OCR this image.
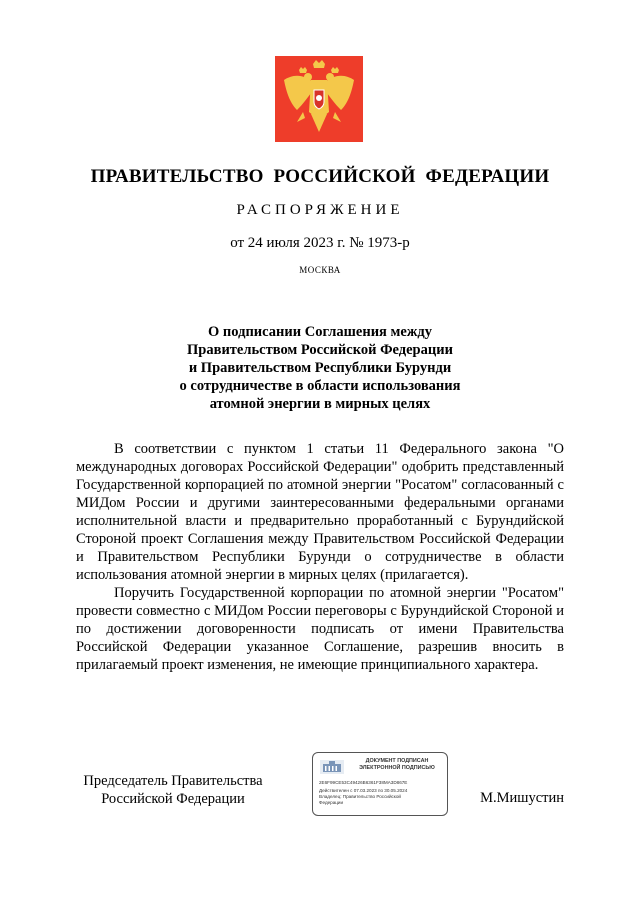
ПРАВИТЕЛЬСТВО РОССИЙСКОЙ ФЕДЕРАЦИИ
РАСПОРЯЖЕНИЕ
от 24 июля 2023 г. № 1973-р
МОСКВА
О подписании Соглашения между
Правительством Российской Федерации
и Правительством Республики Бурунди
о сотрудничестве в области использования
атомной энергии в мирных целях

В соответствии с пунктом 1 статьи 11 Федерального закона "О международных договорах Российской Федерации" одобрить представленный Государственной корпорацией по атомной энергии "Росатом" согласованный с МИДом России и другими заинтересованными федеральными органами исполнительной власти и предварительно проработанный с Бурундийской Стороной проект Соглашения между Правительством Российской Федерации и Правительством Республики Бурунди о сотрудничестве в области использования атомной энергии в мирных целях (прилагается).

Поручить Государственной корпорации по атомной энергии "Росатом" провести совместно с МИДом России переговоры с Бурундийской Стороной и по достижении договоренности подписать от имени Правительства Российской Федерации указанное Соглашение, разрешив вносить в прилагаемый проект изменения, не имеющие принципиального характера.

Председатель Правительства
Российской Федерации
ДОКУМЕНТ ПОДПИСАН
ЭЛЕКТРОННОЙ ПОДПИСЬЮ
2E6F99CE53C49426B6361F38MA3D867E
Действителен с 07.03.2023 по 30.05.2024
Владелец: Правительство Российской
Федерации	М.Мишустин
